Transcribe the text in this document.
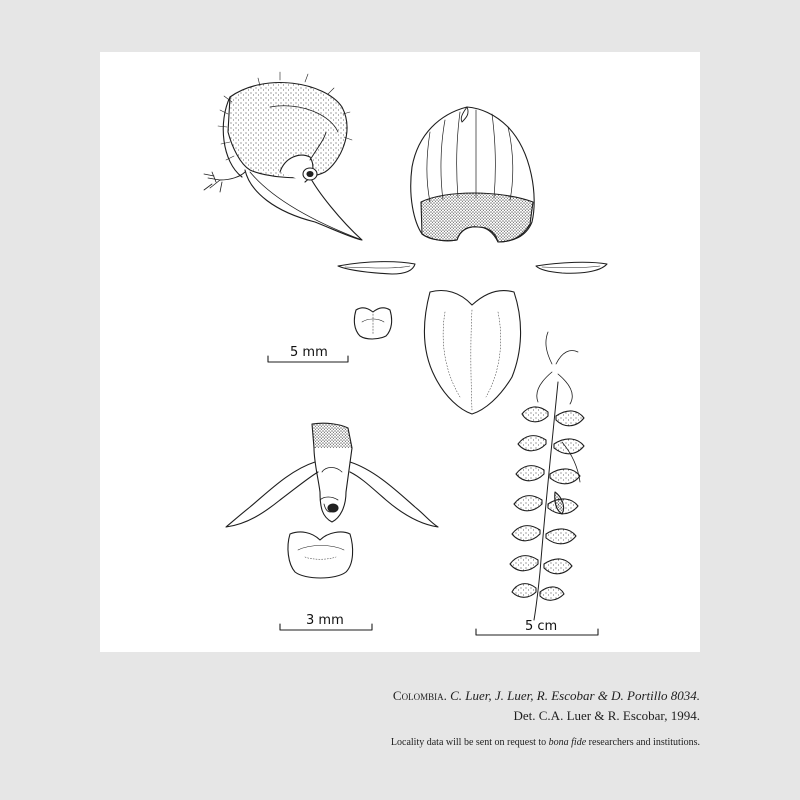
5 mm
3 mm	5 cm
Colombia. C. Luer, J. Luer, R. Escobar & D. Portillo 8034.
Det. C.A. Luer & R. Escobar, 1994.
Locality data will be sent on request to bona fide researchers and institutions.
